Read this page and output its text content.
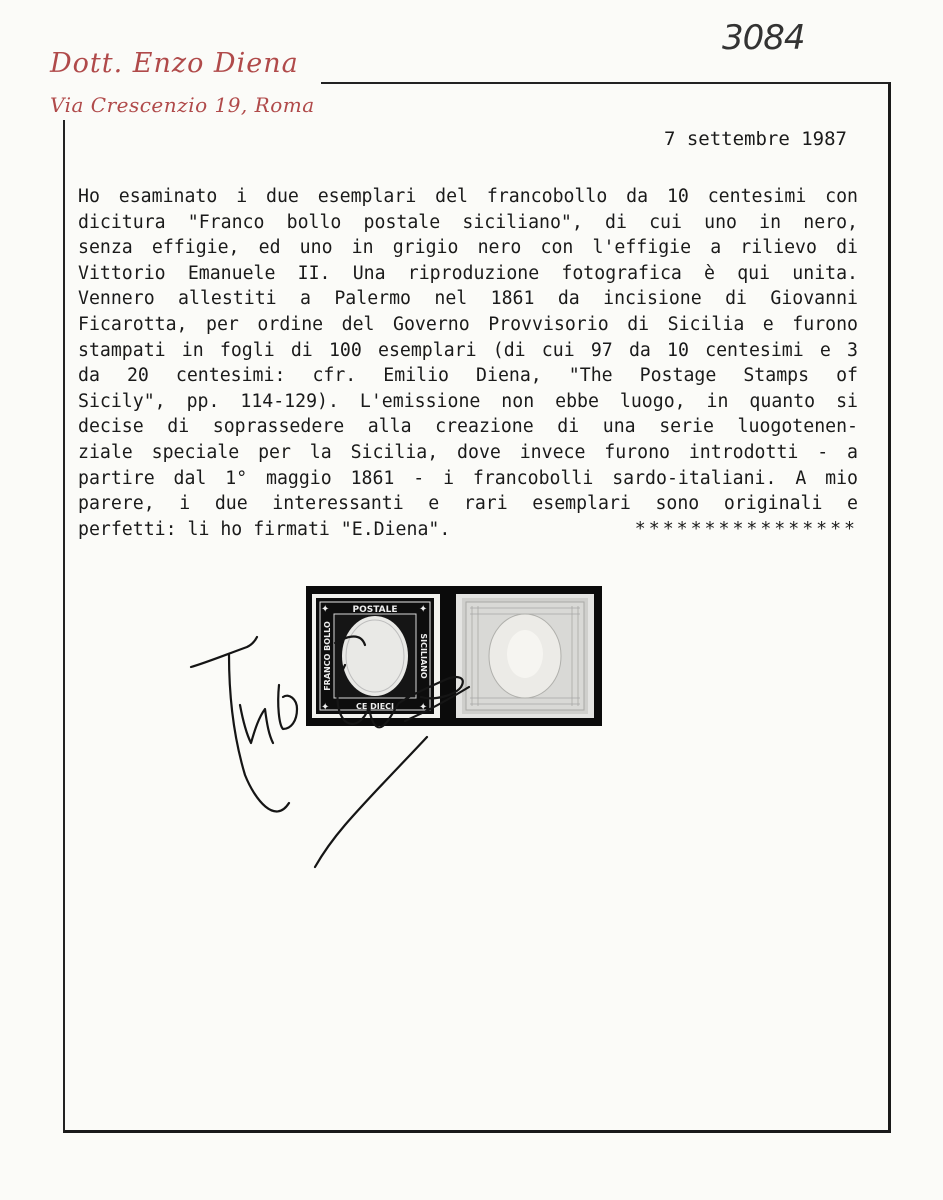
3084
Dott. Enzo Diena
Via Crescenzio 19, Roma
7 settembre 1987
Ho esaminato i due esemplari del francobollo da 10 centesimi con
dicitura "Franco bollo postale siciliano", di cui uno in nero,
senza effigie, ed uno in grigio nero con l'effigie a rilievo di
Vittorio Emanuele II. Una riproduzione fotografica è qui unita.
Vennero allestiti a Palermo nel 1861 da incisione di Giovanni
Ficarotta, per ordine del Governo Provvisorio di Sicilia e furono
stampati in fogli di 100 esemplari (di cui 97 da 10 centesimi e 3
da 20 centesimi: cfr. Emilio Diena, "The Postage Stamps of
Sicily", pp. 114-129). L'emissione non ebbe luogo, in quanto si
decise di soprassedere alla creazione di una serie luogotenen-
ziale speciale per la Sicilia, dove invece furono introdotti - a
partire dal 1° maggio 1861 - i francobolli sardo-italiani. A mio
parere, i due interessanti e rari esemplari sono originali e
perfetti: li ho firmati "E.Diena".	****************
POSTALE
CE DIECI
FRANCO BOLLO	SICILIANO
✦	✦
✦	✦
